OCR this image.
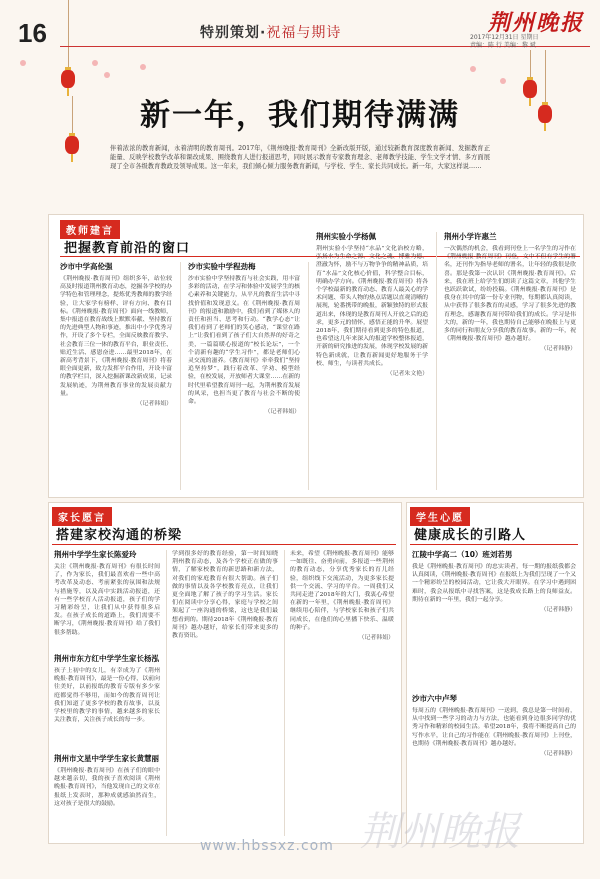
16	特别策划·祝福与期诗	荆州晚报
2017年12月31日 星期日
责编：陈 行 美编：黎 斌
新一年，我们期待满满
伴着浓浓的教育新闻，永着清明的教育周刊。2017年，《荆州晚报·教育周刊》全新改版开版，通过较新教育深度教育新闻、发掘教育正能量、反映学校教学改革和课改成果、围绕教育人进行报道思考，同时展示教育专家教育理念、老师教学技能、学生文学才情、多方面展现了全市各级教育教政及领导成果。这一年来，我们倾心倾力服务教育新闻，与学校、学生、家长共同成长。新一年，大家这样说……
教师建言
把握教育前沿的窗口
沙市中学高伦强
《荆州晚报·教育周刊》组织多年，站位较高及时报道荆州教育动态，挖掘各学校的办学特色和管理理念，提炼优秀教师的教学经验，让大家学有榜样、评有方向、教有目标。《荆州晚报·教育周刊》面向一线教师，集中报道在教育战线上默默奉献、坚持教育的先进典型人物和事迹，推出中小学优秀习作，开设了多个专栏，全面反映教育教学、社会教育三位一体的教育平台，职业责任、贴近生活、感恩奋进……最里2018年，在新高考背景下，《荆州晚报·教育周刊》将着眼全面更新，致力发挥平台作用，开设丰富的教学栏目，深入挖掘新课改新成果，记录发展轨迹，为荆州教育事业的发展贡献力量。
（记者韩娟）
沙市实验中学程劲梅
沙市实验中学坚持教育与社会实践，用丰富多彩的活动，在学习和体验中发展学生的核心素养和关键能力，从平凡的教育生活中寻找价值和发现意义。在《荆州晚报·教育周刊》的报道和激励中，我们看到了媒体人的责任和担当、思考和行动。“教学心态”让我们看到了老师们的笑心感动，“课堂在路上”让我们看到了孩子们大自然界的好奇之美，一篇篇暖心报道的“校长论坛”，一个个清新有趣的“学生习作”，都是老师们心灵交流的滋养。《教育周刊》牵牵我们“坚持追坚持梦”，践行着改革、学劝、模型经验，在校发展，开放师者大课堂……在新的时代里希望教育周刊一起，为荆州教育发展的风采，也担当更了教育与社会不断的使命。
（记者韩娟）
荆州实验小学杨佩
荆州实验小学坚持“水品”文化治校方略，弘扬水为生命之源、文化之魂、博雅为德、澄澈为怀，励不与万物争争的精神品质，培育“水品”文化核心价值，科学整合目标，明确办学方向。《荆州晚报·教育周刊》将各个学校最新的教育动态、教育人最关心的学术问题、带头人物的热点话题以直观清晰的展现，轮番携带的晚报，新颖独特的形式报道出来，体现的是教育周刊人开放之后的追求，更多元的情怀，感悟正能的升华。展望2018年，我们期待看到更多的特色报道，也希望这几年来深入的报道学校整体报道，开新的研究推进的发展，体现学校发展的新特色新成就，让教育新闻更好地服务于学校、师生，与读者共成长。
（记者朱文艳）
荆州小学许惠兰
一次偶然的机会，我看到刊登上一名学生的习作在《荆州晚报·教育周刊》刊登，文中不但有学生的署名，还刊作为指导老师的署名，让年轻的我很是欣喜。那是我第一次认识《荆州晚报·教育周刊》。后来，我在班上给学生们朗读了这篇文章，其他学生也跃跃欲试，纷纷投稿。《荆州晚报·教育周刊》是我身在其中的第一份专业刊物，每期都认真阅读，从中获得了很多教育的灵感，学习了很多先进的教育理念，感谢教育周刊带给我们的成长。学习是伟大的，新的一年，我也期待自己能够在晚报上与更多的同行和朋友分享我的教育故事。新的一年，祝《荆州晚报·教育周刊》越办越好。
（记者韩静）
家长愿言
搭建家校沟通的桥梁
荆州中学学生家长陈爱玲
关注《荆州晚报·教育周刊》有很长时间了，作为家长，我们最喜欢看一些中高考改革及动态、考前紧张的氛围和法规与措施等，以及高中实践活动报道，还有一些学校育人活动报道，孩子们的学习精彩纷呈，让我们从中获得很多启发。在孩子成长的道路上，我们需要不断学习，《荆州晚报·教育周刊》给了我们很多帮助。
荆州市东方红中学学生家长杨泓
孩子上初中的女儿，有幸成为了《荆州晚报·教育周刊》，最是一份心得，以前向往美好，以前报纸的教育专版有多少家庭都觉得不够用，而如今的教育周刊让我们知道了更多学校的教育故事，以及学校里的教学的事情，越来越多的家长关注教育，关注孩子成长的每一步。
荆州市文星中学学生家长黄慧丽
《荆州晚报·教育周刊》在孩子们的眼中越来越亲切，我的孩子喜欢阅读《荆州晚报·教育周刊》，当他发现自己的文章在报纸上发表时，那种成就感油然而生，这对孩子是很大的鼓励。
学到很多好的教育经验，第一时间知晓荆州教育动态，及各个学校正在做的事情，了解家校教育的新思路和新方法，对我们的家庭教育有很大帮助。孩子们做的事情以及各学校教育亮点，让我们更全面地了解了孩子的学习生活。家长们在阅读中分享心得，家庭与学校之间架起了一座沟通的桥梁，这也是我们最想看到的。期待2018年《荆州晚报·教育周刊》越办越好，给家长们带来更多的教育资讯。
未来，希望《荆州晚报·教育周刊》能够一如既往、奋勇向前，多报道一些荆州的教育动态，分享优秀家长的育儿经验，组织线下交流活动，为更多家长提供一个交流、学习的平台。一周我们又共同走进了2018年的大门，我衷心希望在新的一年里，《荆州晚报·教育周刊》继续用心陪伴，与学校家长和孩子们共同成长，在他们的心里播下快乐、温暖的种子。
（记者韩娟）
学生心愿
健康成长的引路人
江陵中学高二（10）班刘若男
我是《荆州晚报·教育周刊》的忠实读者，每一期的报纸我都会认真阅读，《荆州晚报·教育周刊》在报纸上为我们呈现了一个又一个精彩纷呈的校园活动，它让我大开眼界。在学习中遇到困难时，我会从报纸中寻找答案，这是我成长路上的良师益友。期待在新的一年里，我们一起分享。
（记者韩静）
沙市六中卢琴
每周五的《荆州晚报·教育周刊》一送到，我总是第一时间看，从中找到一些学习的动力与方法，也能看到身边很多同学的优秀习作和精彩的校园生活。希望2018年，我将不断提高自己的写作水平，让自己的习作能在《荆州晚报·教育周刊》上刊登，也期待《荆州晚报·教育周刊》越办越好。
（记者韩静）
荆州晚报
www.hbssxz.com
